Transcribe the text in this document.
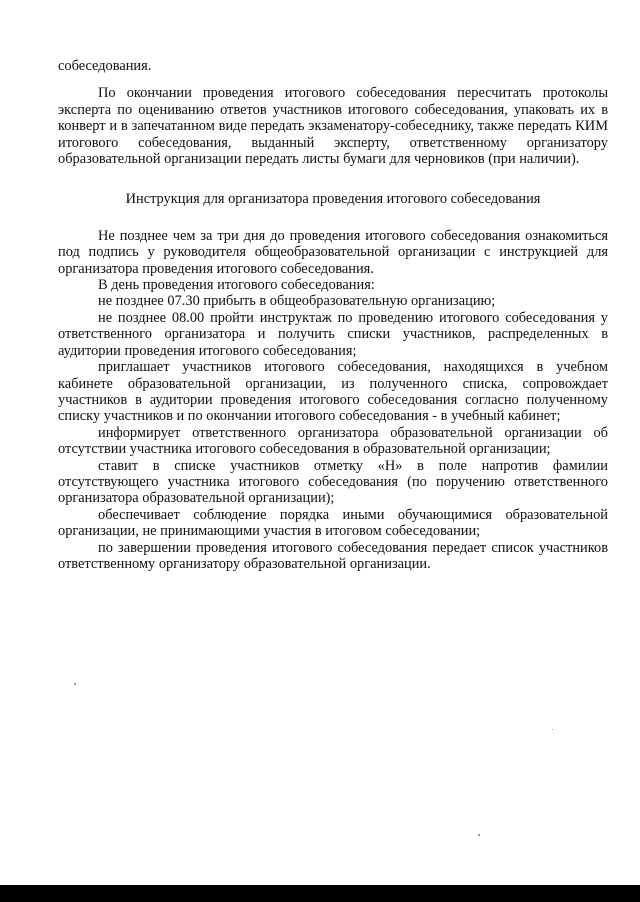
собеседования.

По окончании проведения итогового собеседования пересчитать протоколы эксперта по оцениванию ответов участников итогового собеседования, упаковать их в конверт и в запечатанном виде передать экзаменатору-собеседнику, также передать КИМ итогового собеседования, выданный эксперту, ответственному организатору образовательной организации передать листы бумаги для черновиков (при наличии).

Инструкция для организатора проведения итогового собеседования

Не позднее чем за три дня до проведения итогового собеседования ознакомиться под подпись у руководителя общеобразовательной организации с инструкцией для организатора проведения итогового собеседования.

В день проведения итогового собеседования:

не позднее 07.30 прибыть в общеобразовательную организацию;

не позднее 08.00 пройти инструктаж по проведению итогового собеседования у ответственного организатора и получить списки участников, распределенных в аудитории проведения итогового собеседования;

приглашает участников итогового собеседования, находящихся в учебном кабинете образовательной организации, из полученного списка, сопровождает участников в аудитории проведения итогового собеседования согласно полученному списку участников и по окончании итогового собеседования - в учебный кабинет;

информирует ответственного организатора образовательной организации об отсутствии участника итогового собеседования в образовательной организации;

ставит в списке участников отметку «Н» в поле напротив фамилии отсутствующего участника итогового собеседования (по поручению ответственного организатора образовательной организации);

обеспечивает соблюдение порядка иными обучающимися образовательной организации, не принимающими участия в итоговом собеседовании;

по завершении проведения итогового собеседования передает список участников ответственному организатору образовательной организации.
